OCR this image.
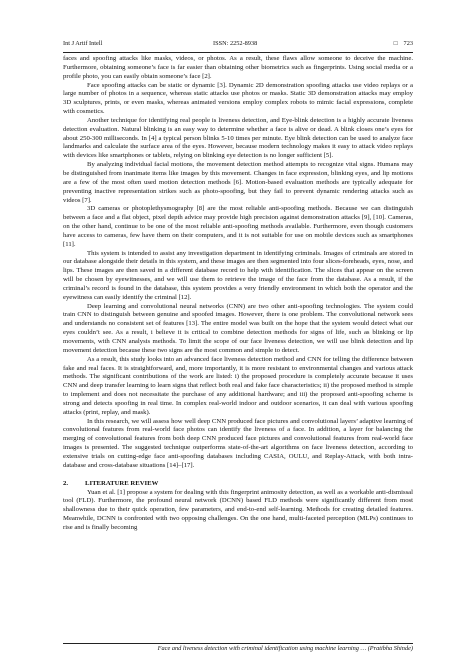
Int J Artif Intell	ISSN: 2252-8938	□ 723

faces and spoofing attacks like masks, videos, or photos. As a result, these flaws allow someone to deceive the machine. Furthermore, obtaining someone’s face is far easier than obtaining other biometrics such as fingerprints. Using social media or a profile photo, you can easily obtain someone’s face [2].

Face spoofing attacks can be static or dynamic [3]. Dynamic 2D demonstration spoofing attacks use video replays or a large number of photos in a sequence, whereas static attacks use photos or masks. Static 3D demonstration attacks may employ 3D sculptures, prints, or even masks, whereas animated versions employ complex robots to mimic facial expressions, complete with cosmetics.

Another technique for identifying real people is liveness detection, and Eye-blink detection is a highly accurate liveness detection evaluation. Natural blinking is an easy way to determine whether a face is alive or dead. A blink closes one’s eyes for about 250-300 milliseconds. In [4] a typical person blinks 5-10 times per minute. Eye blink detection can be used to analyze face landmarks and calculate the surface area of the eyes. However, because modern technology makes it easy to attack video replays with devices like smartphones or tablets, relying on blinking eye detection is no longer sufficient [5].

By analyzing individual facial motions, the movement detection method attempts to recognize vital signs. Humans may be distinguished from inanimate items like images by this movement. Changes in face expression, blinking eyes, and lip motions are a few of the most often used motion detection methods [6]. Motion-based evaluation methods are typically adequate for preventing inactive representation strikes such as photo-spoofing, but they fail to prevent dynamic rendering attacks such as videos [7].

3D cameras or photoplethysmography [8] are the most reliable anti-spoofing methods. Because we can distinguish between a face and a flat object, pixel depth advice may provide high precision against demonstration attacks [9], [10]. Cameras, on the other hand, continue to be one of the most reliable anti-spoofing methods available. Furthermore, even though customers have access to cameras, few have them on their computers, and it is not suitable for use on mobile devices such as smartphones [11].

This system is intended to assist any investigation department in identifying criminals. Images of criminals are stored in our database alongside their details in this system, and these images are then segmented into four slices-foreheads, eyes, nose, and lips. These images are then saved in a different database record to help with identification. The slices that appear on the screen will be chosen by eyewitnesses, and we will use them to retrieve the image of the face from the database. As a result, if the criminal’s record is found in the database, this system provides a very friendly environment in which both the operator and the eyewitness can easily identify the criminal [12].

Deep learning and convolutional neural networks (CNN) are two other anti-spoofing technologies. The system could train CNN to distinguish between genuine and spoofed images. However, there is one problem. The convolutional network sees and understands no consistent set of features [13]. The entire model was built on the hope that the system would detect what our eyes couldn’t see. As a result, i believe it is critical to combine detection methods for signs of life, such as blinking or lip movements, with CNN analysis methods. To limit the scope of our face liveness detection, we will use blink detection and lip movement detection because these two signs are the most common and simple to detect.

As a result, this study looks into an advanced face liveness detection method and CNN for telling the difference between fake and real faces. It is straightforward, and, more importantly, it is more resistant to environmental changes and various attack methods. The significant contributions of the work are listed: i) the proposed procedure is completely accurate because it uses CNN and deep transfer learning to learn signs that reflect both real and fake face characteristics; ii) the proposed method is simple to implement and does not necessitate the purchase of any additional hardware; and iii) the proposed anti-spoofing scheme is strong and detects spoofing in real time. In complex real-world indoor and outdoor scenarios, it can deal with various spoofing attacks (print, replay, and mask).

In this research, we will assess how well deep CNN produced face pictures and convolutional layers’ adaptive learning of convolutional features from real-world face photos can identify the liveness of a face. In addition, a layer for balancing the merging of convolutional features from both deep CNN produced face pictures and convolutional features from real-world face images is presented. The suggested technique outperforms state-of-the-art algorithms on face liveness detection, according to extensive trials on cutting-edge face anti-spoofing databases including CASIA, OULU, and Replay-Attack, with both intra-database and cross-database situations [14]–[17].

2.	LITERATURE REVIEW

Yuan et al. [1] propose a system for dealing with this fingerprint animosity detection, as well as a workable anti-dismissal tool (FLD). Furthermore, the profound neural network (DCNN) based FLD methods were significantly different from most shallowness due to their quick operation, few parameters, and end-to-end self-learning. Methods for creating detailed features. Meanwhile, DCNN is confronted with two opposing challenges. On the one hand, multi-faceted perception (MLPs) continues to rise and is finally becoming

Face and liveness detection with criminal identification using machine learning … (Pratibha Shinde)
